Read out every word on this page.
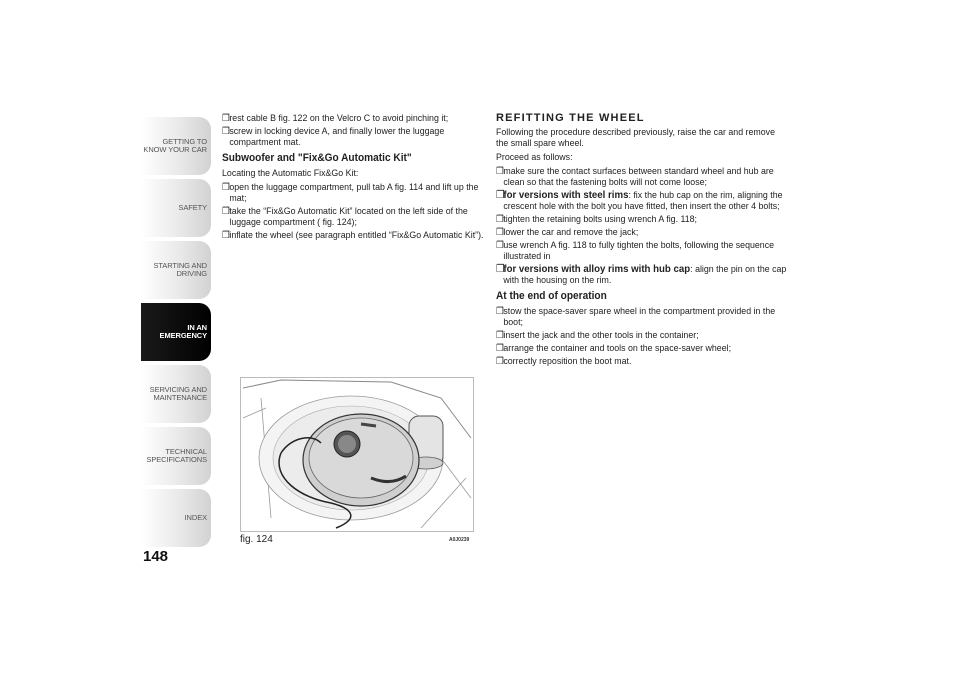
GETTING TO KNOW YOUR CAR
SAFETY
STARTING AND DRIVING
IN AN EMERGENCY
SERVICING AND MAINTENANCE
TECHNICAL SPECIFICATIONS
INDEX
148
❒ rest cable B fig. 122 on the Velcro C to avoid pinching it;
❒ screw in locking device A, and finally lower the luggage compartment mat.
Subwoofer and "Fix&Go Automatic Kit"
Locating the Automatic Fix&Go Kit:
❒ open the luggage compartment, pull tab A fig. 114 and lift up the mat;
❒ take the “Fix&Go Automatic Kit” located on the left side of the luggage compartment ( fig. 124);
❒ inflate the wheel (see paragraph entitled “Fix&Go Automatic Kit”).
﻿
fig. 124	A0J0239
REFITTING THE WHEEL
Following the procedure described previously, raise the car and remove the small spare wheel.
Proceed as follows:
❒ make sure the contact surfaces between standard wheel and hub are clean so that the fastening bolts will not come loose;
❒
for versions with steel rims: fix the hub cap on the rim, aligning the crescent hole with the bolt you have fitted, then insert the other 4 bolts;
❒ tighten the retaining bolts using wrench A fig. 118;
❒ lower the car and remove the jack;
❒ use wrench A fig. 118 to fully tighten the bolts, following the sequence illustrated in
❒
for versions with alloy rims with hub cap: align the pin on the cap with the housing on the rim.
At the end of operation
❒ stow the space-saver spare wheel in the compartment provided in the boot;
❒ insert the jack and the other tools in the container;
❒ arrange the container and tools on the space-saver wheel;
❒ correctly reposition the boot mat.
